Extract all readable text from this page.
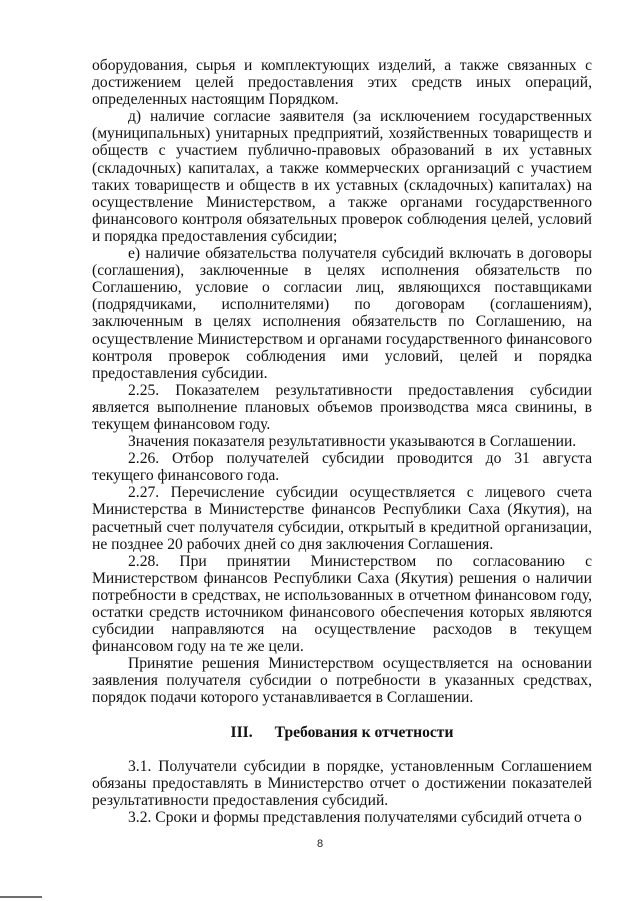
оборудования, сырья и комплектующих изделий, а также связанных с достижением целей предоставления этих средств иных операций, определенных настоящим Порядком.

д) наличие согласие заявителя (за исключением государственных (муниципальных) унитарных предприятий, хозяйственных товариществ и обществ с участием публично-правовых образований в их уставных (складочных) капиталах, а также коммерческих организаций с участием таких товариществ и обществ в их уставных (складочных) капиталах) на осуществление Министерством, а также органами государственного финансового контроля обязательных проверок соблюдения целей, условий и порядка предоставления субсидии;

е) наличие обязательства получателя субсидий включать в договоры (соглашения), заключенные в целях исполнения обязательств по Соглашению, условие о согласии лиц, являющихся поставщиками (подрядчиками, исполнителями) по договорам (соглашениям), заключенным в целях исполнения обязательств по Соглашению, на осуществление Министерством и органами государственного финансового контроля проверок соблюдения ими условий, целей и порядка предоставления субсидии.

2.25. Показателем результативности предоставления субсидии является выполнение плановых объемов производства мяса свинины, в текущем финансовом году.

Значения показателя результативности указываются в Соглашении.

2.26. Отбор получателей субсидии проводится до 31 августа текущего финансового года.

2.27. Перечисление субсидии осуществляется с лицевого счета Министерства в Министерстве финансов Республики Саха (Якутия), на расчетный счет получателя субсидии, открытый в кредитной организации, не позднее 20 рабочих дней со дня заключения Соглашения.

2.28. При принятии Министерством по согласованию с Министерством финансов Республики Саха (Якутия) решения о наличии потребности в средствах, не использованных в отчетном финансовом году, остатки средств источником финансового обеспечения которых являются субсидии направляются на осуществление расходов в текущем финансовом году на те же цели.

Принятие решения Министерством осуществляется на основании заявления получателя субсидии о потребности в указанных средствах, порядок подачи которого устанавливается в Соглашении.

III. Требования к отчетности

3.1. Получатели субсидии в порядке, установленным Соглашением обязаны предоставлять в Министерство отчет о достижении показателей результативности предоставления субсидий.

3.2. Сроки и формы представления получателями субсидий отчета о

8
